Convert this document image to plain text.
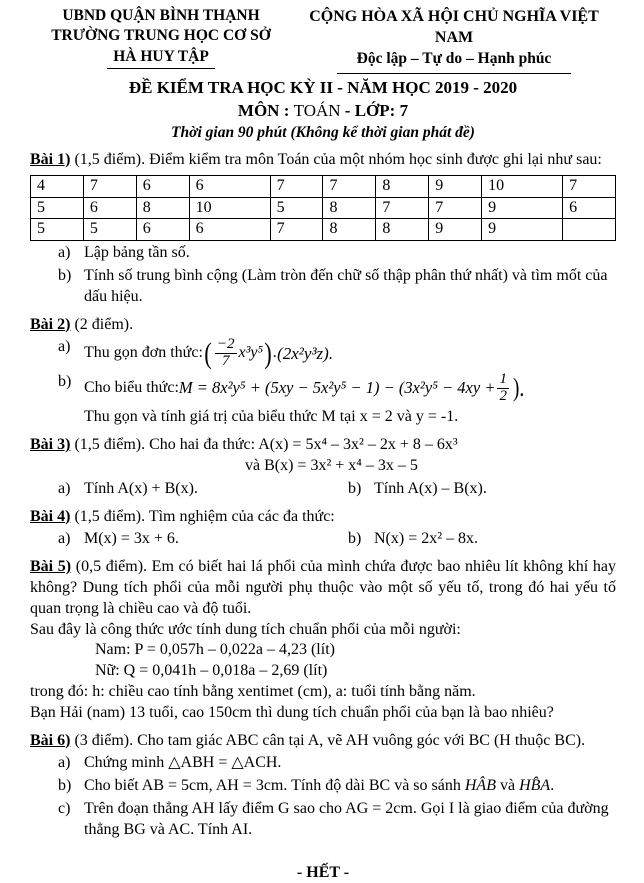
UBND QUẬN BÌNH THẠNH
TRƯỜNG TRUNG HỌC CƠ SỞ
HÀ HUY TẬP
CỘNG HÒA XÃ HỘI CHỦ NGHĨA VIỆT NAM
Độc lập – Tự do – Hạnh phúc
ĐỀ KIỂM TRA HỌC KỲ II - NĂM HỌC 2019 - 2020
MÔN : TOÁN - LỚP: 7
Thời gian 90 phút (Không kể thời gian phát đề)
Bài 1) (1,5 điểm). Điểm kiểm tra môn Toán của một nhóm học sinh được ghi lại như sau:
4	7	6	6	7	7	8	9	10	7
5	6	8	10	5	8	7	7	9	6
5	5	6	6	7	8	8	9	9	
a) Lập bảng tần số.
b) Tính số trung bình cộng (Làm tròn đến chữ số thập phân thứ nhất) và tìm mốt của dấu hiệu.
Bài 2) (2 điểm).
a) Thu gọn đơn thức: ( $\frac{-2}{7} x^3y^5$ ) . (2x²y³z).
b) Cho biểu thức: $M = 8x^2y^5 + (5xy - 5x^2y^5 - 1) - (3x^2y^5 - 4xy + \frac{1}{2}$ ).
Thu gọn và tính giá trị của biểu thức M tại x = 2 và y = -1.
Bài 3) (1,5 điểm). Cho hai đa thức: A(x) = 5x⁴ – 3x² – 2x + 8 – 6x³
và B(x) = 3x² + x⁴ – 3x – 5
a) Tính A(x) + B(x).	b) Tính A(x) – B(x).
Bài 4) (1,5 điểm). Tìm nghiệm của các đa thức:
a) M(x) = 3x + 6.	b) N(x) = 2x² – 8x.
Bài 5) (0,5 điểm). Em có biết hai lá phổi của mình chứa được bao nhiêu lít không khí hay không? Dung tích phổi của mỗi người phụ thuộc vào một số yếu tố, trong đó hai yếu tố quan trọng là chiều cao và độ tuổi.
Sau đây là công thức ước tính dung tích chuẩn phổi của mỗi người:
Nam: P = 0,057h – 0,022a – 4,23 (lít)
Nữ: Q = 0,041h – 0,018a – 2,69 (lít)
trong đó: h: chiều cao tính bằng xentimet (cm), a: tuổi tính bằng năm.
Bạn Hải (nam) 13 tuổi, cao 150cm thì dung tích chuẩn phổi của bạn là bao nhiêu?
Bài 6) (3 điểm). Cho tam giác ABC cân tại A, vẽ AH vuông góc với BC (H thuộc BC).
a) Chứng minh △ABH = △ACH.
b) Cho biết AB = 5cm, AH = 3cm. Tính độ dài BC và so sánh HÂB và HB̂A.
c) Trên đoạn thẳng AH lấy điểm G sao cho AG = 2cm. Gọi I là giao điểm của đường thẳng BG và AC. Tính AI.
- HẾT -
